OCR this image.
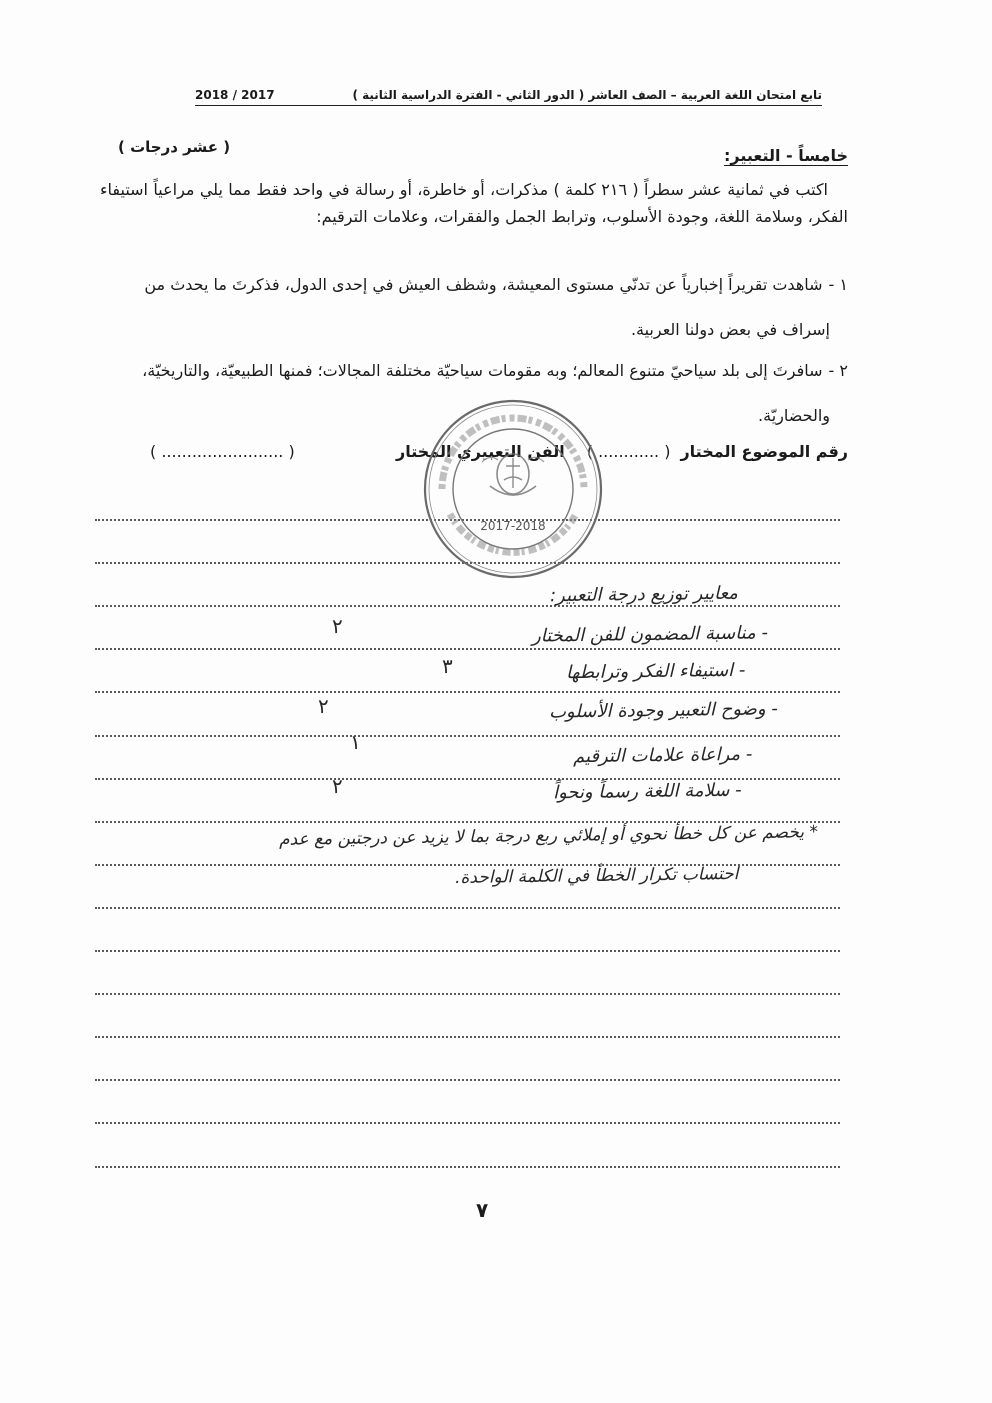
تابع امتحان اللغة العربية – الصف العاشر ( الدور الثاني - الفترة الدراسية الثانية )
2017 / 2018
خامساً - التعبير:
( عشر درجات )

اكتب في ثمانية عشر سطراً ( ٢١٦ كلمة ) مذكرات، أو خاطرة، أو رسالة في واحد فقط مما يلي مراعياً استيفاء الفكر، وسلامة اللغة، وجودة الأسلوب، وترابط الجمل والفقرات، وعلامات الترقيم:

١ -شاهدت تقريراً إخبارياً عن تدنّي مستوى المعيشة، وشظف العيش في إحدى الدول، فذكرتَ ما يحدث من إسراف في بعض دولنا العربية.

٢ -سافرتَ إلى بلد سياحيّ متنوع المعالم؛ وبه مقومات سياحيّة مختلفة المجالات؛ فمنها الطبيعيّة، والتاريخيّة، والحضاريّة.

رقم الموضوع المختار
( ............ )
الفن التعبيري المختار
( ........................ )
2017-2018
معايير توزيع درجة التعبير:
- مناسبة المضمون للفن المختار
٢
- استيفاء الفكر وترابطها
٣
- وضوح التعبير وجودة الأسلوب
٢
- مراعاة علامات الترقيم
١
- سلامة اللغة رسماً ونحواً
٢
* يخصم عن كل خطأ نحوي أو إملائي ربع درجة بما لا يزيد عن درجتين مع عدم
احتساب تكرار الخطأ في الكلمة الواحدة.
٧
